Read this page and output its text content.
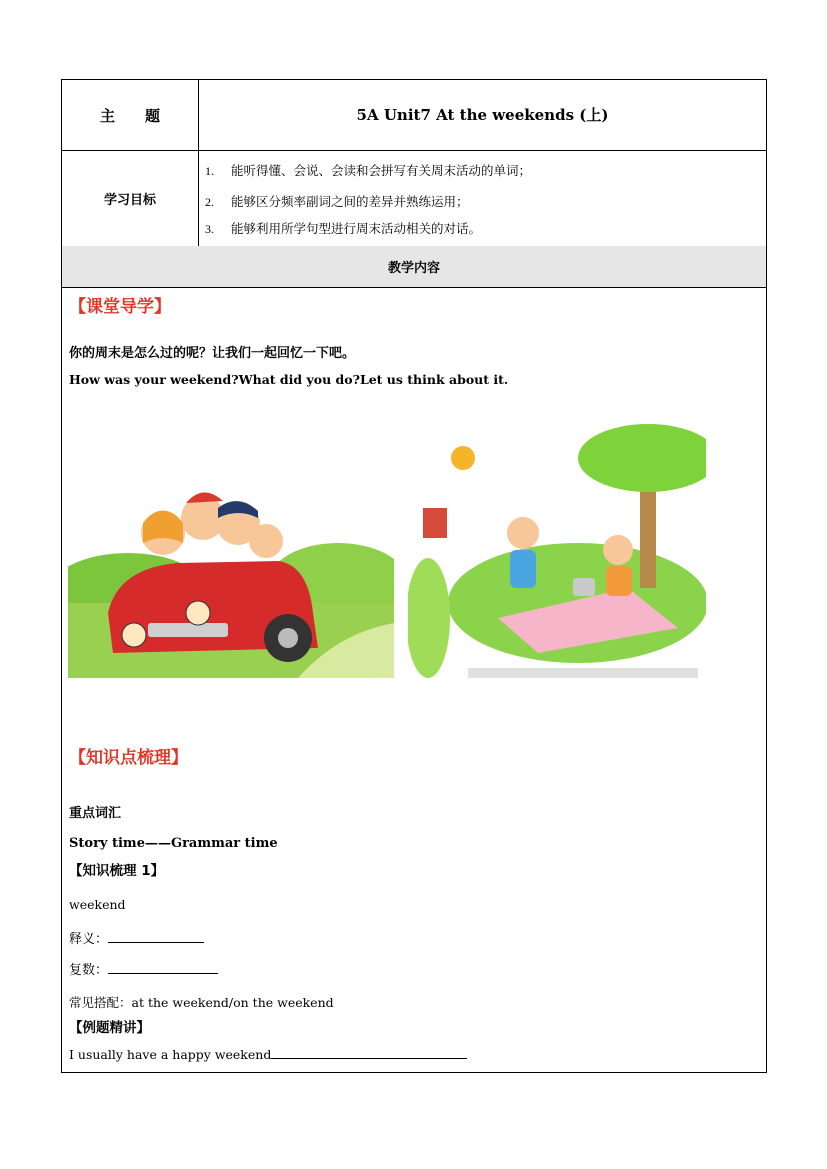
主　　题	5A Unit7 At the weekends (上)
学习目标
1. 能听得懂、会说、会读和会拼写有关周末活动的单词；
2. 能够区分频率副词之间的差异并熟练运用；
3. 能够利用所学句型进行周末活动相关的对话。
教学内容
【课堂导学】
你的周末是怎么过的呢？让我们一起回忆一下吧。
How was your weekend?What did you do?Let us think about it.
【知识点梳理】
重点词汇
Story time——Grammar time
【知识梳理 1】
weekend
释义：
复数：
常见搭配：at the weekend/on the weekend
【例题精讲】
I usually have a happy weekend
